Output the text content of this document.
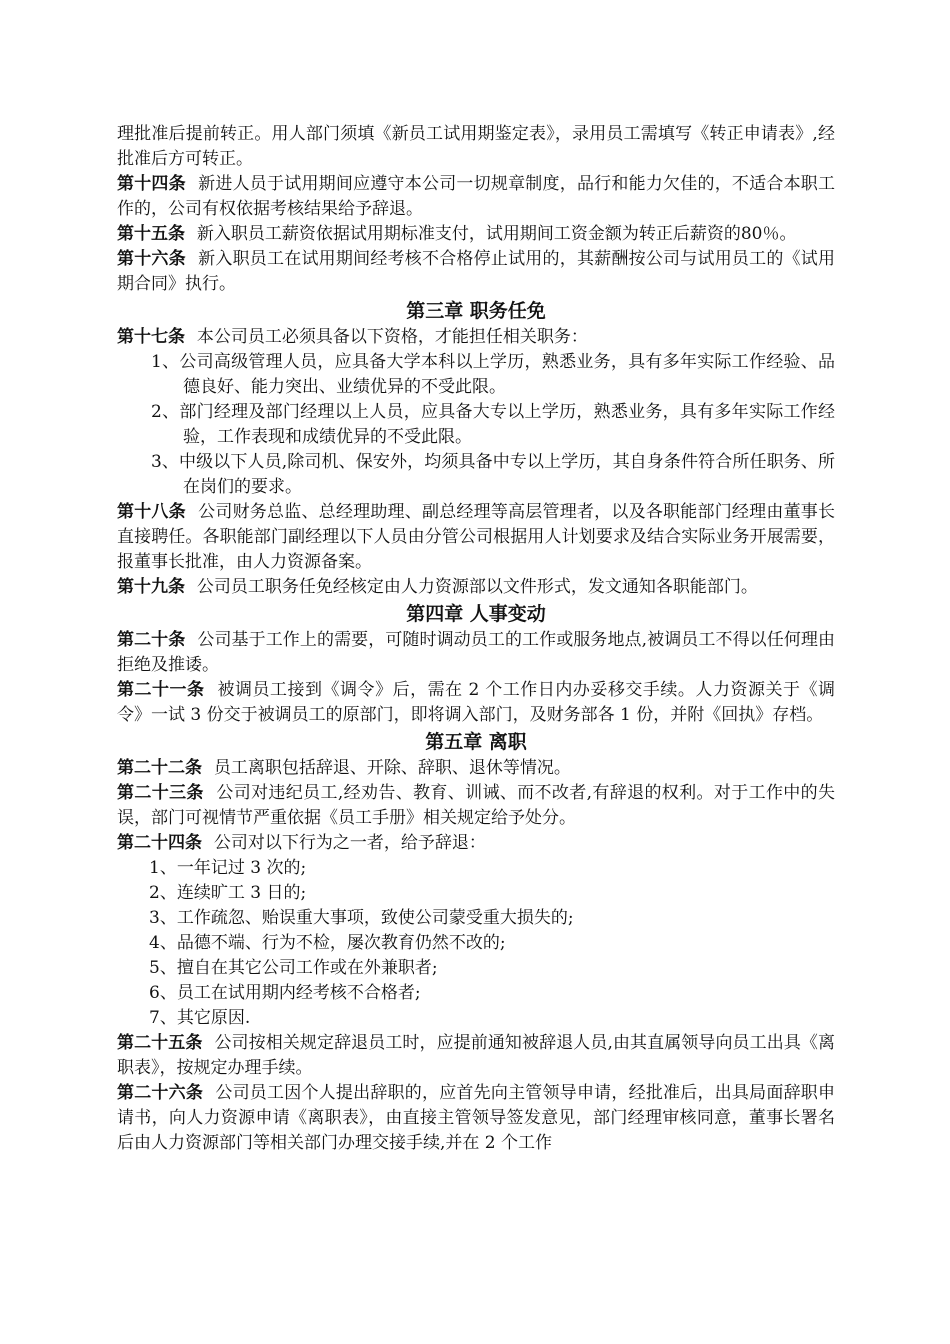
理批准后提前转正。用人部门须填《新员工试用期鉴定表》，录用员工需填写《转正申请表》,经批准后方可转正。

第十四条 新进人员于试用期间应遵守本公司一切规章制度，品行和能力欠佳的，不适合本职工作的，公司有权依据考核结果给予辞退。

第十五条 新入职员工薪资依据试用期标准支付，试用期间工资金额为转正后薪资的80％。

第十六条 新入职员工在试用期间经考核不合格停止试用的，其薪酬按公司与试用员工的《试用期合同》执行。

第三章 职务任免

第十七条 本公司员工必须具备以下资格，才能担任相关职务：

1、公司高级管理人员，应具备大学本科以上学历，熟悉业务，具有多年实际工作经验、品德良好、能力突出、业绩优异的不受此限。
2、部门经理及部门经理以上人员，应具备大专以上学历，熟悉业务，具有多年实际工作经验，工作表现和成绩优异的不受此限。
3、中级以下人员,除司机、保安外，均须具备中专以上学历，其自身条件符合所任职务、所在岗们的要求。

第十八条 公司财务总监、总经理助理、副总经理等高层管理者，以及各职能部门经理由董事长直接聘任。各职能部门副经理以下人员由分管公司根据用人计划要求及结合实际业务开展需要，报董事长批准，由人力资源备案。

第十九条 公司员工职务任免经核定由人力资源部以文件形式，发文通知各职能部门。

第四章 人事变动

第二十条 公司基于工作上的需要，可随时调动员工的工作或服务地点,被调员工不得以任何理由拒绝及推诿。

第二十一条 被调员工接到《调令》后，需在 2 个工作日内办妥移交手续。人力资源关于《调令》一试 3 份交于被调员工的原部门，即将调入部门，及财务部各 1 份，并附《回执》存档。

第五章 离职

第二十二条 员工离职包括辞退、开除、辞职、退休等情况。

第二十三条 公司对违纪员工,经劝告、教育、训诫、而不改者,有辞退的权利。对于工作中的失误，部门可视情节严重依据《员工手册》相关规定给予处分。

第二十四条 公司对以下行为之一者，给予辞退：

1、一年记过 3 次的;
2、连续旷工 3 日的;
3、工作疏忽、贻误重大事项，致使公司蒙受重大损失的;
4、品德不端、行为不检，屡次教育仍然不改的;
5、擅自在其它公司工作或在外兼职者;
6、员工在试用期内经考核不合格者;
7、其它原因.

第二十五条 公司按相关规定辞退员工时，应提前通知被辞退人员,由其直属领导向员工出具《离职表》，按规定办理手续。

第二十六条 公司员工因个人提出辞职的，应首先向主管领导申请，经批准后，出具局面辞职申请书，向人力资源申请《离职表》，由直接主管领导签发意见，部门经理审核同意，董事长署名后由人力资源部门等相关部门办理交接手续,并在 2 个工作
